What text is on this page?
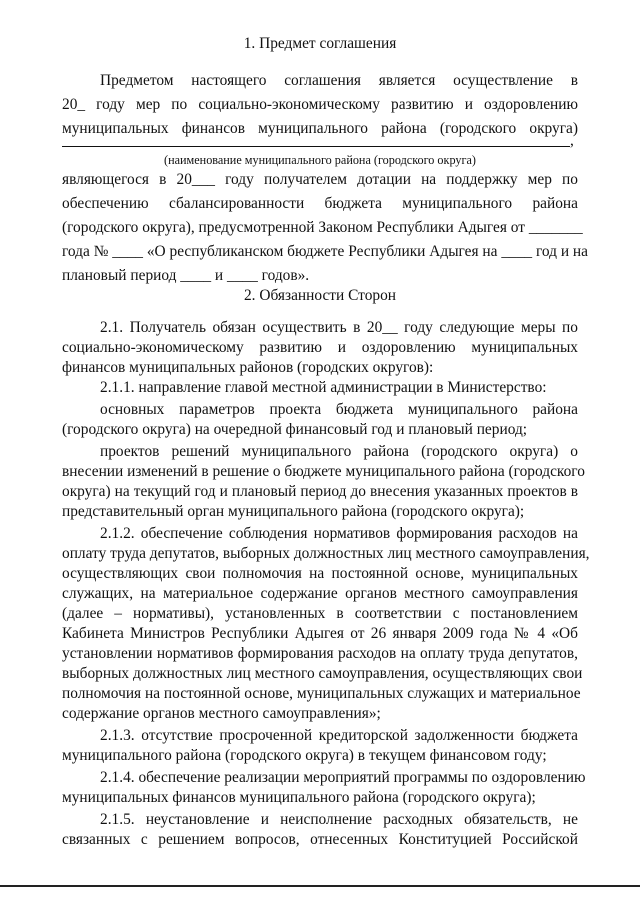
1. Предмет соглашения
Предметом настоящего соглашения является осуществление в
20_ году мер по социально-экономическому развитию и оздоровлению
муниципальных финансов муниципального района (городского округа)
,
(наименование муниципального района (городского округа)
являющегося в 20___ году получателем дотации на поддержку мер по
обеспечению сбалансированности бюджета муниципального района
(городского округа), предусмотренной Законом Республики Адыгея от _______
года № ____ «О республиканском бюджете Республики Адыгея на ____ год и на
плановый период ____ и ____ годов».
2. Обязанности Сторон
2.1. Получатель обязан осуществить в 20__ году следующие меры по
социально-экономическому развитию и оздоровлению муниципальных
финансов муниципальных районов (городских округов):
2.1.1. направление главой местной администрации в Министерство:
основных параметров проекта бюджета муниципального района
(городского округа) на очередной финансовый год и плановый период;
проектов решений муниципального района (городского округа) о
внесении изменений в решение о бюджете муниципального района (городского
округа) на текущий год и плановый период до внесения указанных проектов в
представительный орган муниципального района (городского округа);
2.1.2. обеспечение соблюдения нормативов формирования расходов на
оплату труда депутатов, выборных должностных лиц местного самоуправления,
осуществляющих свои полномочия на постоянной основе, муниципальных
служащих, на материальное содержание органов местного самоуправления
(далее – нормативы), установленных в соответствии с постановлением
Кабинета Министров Республики Адыгея от 26 января 2009 года № 4 «Об
установлении нормативов формирования расходов на оплату труда депутатов,
выборных должностных лиц местного самоуправления, осуществляющих свои
полномочия на постоянной основе, муниципальных служащих и материальное
содержание органов местного самоуправления»;
2.1.3. отсутствие просроченной кредиторской задолженности бюджета
муниципального района (городского округа) в текущем финансовом году;
2.1.4. обеспечение реализации мероприятий программы по оздоровлению
муниципальных финансов муниципального района (городского округа);
2.1.5. неустановление и неисполнение расходных обязательств, не
связанных с решением вопросов, отнесенных Конституцией Российской
